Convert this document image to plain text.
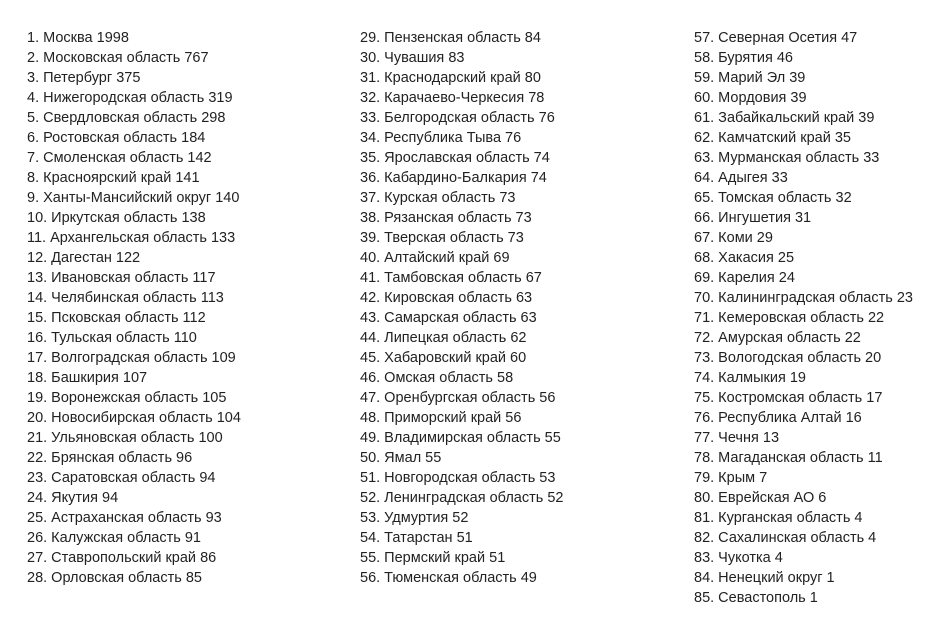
1. Москва 1998
2. Московская область 767
3. Петербург 375
4. Нижегородская область 319
5. Свердловская область 298
6. Ростовская область 184
7. Смоленская область 142
8. Красноярский край 141
9. Ханты-Мансийский округ 140
10. Иркутская область 138
11. Архангельская область 133
12. Дагестан 122
13. Ивановская область 117
14. Челябинская область 113
15. Псковская область 112
16. Тульская область 110
17. Волгоградская область 109
18. Башкирия 107
19. Воронежская область 105
20. Новосибирская область 104
21. Ульяновская область 100
22. Брянская область 96
23. Саратовская область 94
24. Якутия 94
25. Астраханская область 93
26. Калужская область 91
27. Ставропольский край 86
28. Орловская область 85
29. Пензенская область 84
30. Чувашия 83
31. Краснодарский край 80
32. Карачаево-Черкесия 78
33. Белгородская область 76
34. Республика Тыва 76
35. Ярославская область 74
36. Кабардино-Балкария 74
37. Курская область 73
38. Рязанская область 73
39. Тверская область 73
40. Алтайский край 69
41. Тамбовская область 67
42. Кировская область 63
43. Самарская область 63
44. Липецкая область 62
45. Хабаровский край 60
46. Омская область 58
47. Оренбургская область 56
48. Приморский край 56
49. Владимирская область 55
50. Ямал 55
51. Новгородская область 53
52. Ленинградская область 52
53. Удмуртия 52
54. Татарстан 51
55. Пермский край 51
56. Тюменская область 49
57. Северная Осетия 47
58. Бурятия 46
59. Марий Эл 39
60. Мордовия 39
61. Забайкальский край 39
62. Камчатский край 35
63. Мурманская область 33
64. Адыгея 33
65. Томская область 32
66. Ингушетия 31
67. Коми 29
68. Хакасия 25
69. Карелия 24
70. Калининградская область 23
71. Кемеровская область 22
72. Амурская область 22
73. Вологодская область 20
74. Калмыкия 19
75. Костромская область 17
76. Республика Алтай 16
77. Чечня 13
78. Магаданская область 11
79. Крым 7
80. Еврейская АО 6
81. Курганская область 4
82. Сахалинская область 4
83. Чукотка 4
84. Ненецкий округ 1
85. Севастополь 1
